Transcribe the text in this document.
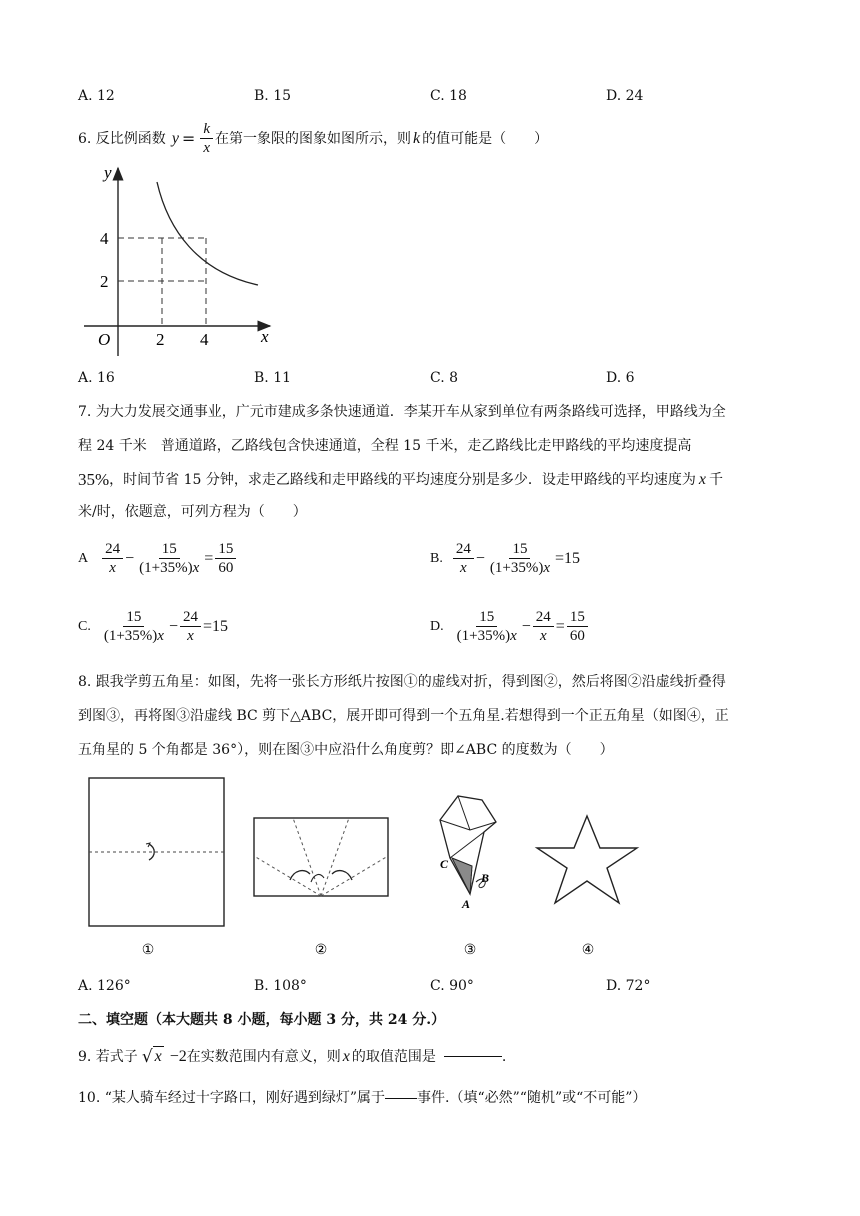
A. 12	B. 15	C. 18	D. 24
6. 反比例函数 $y = \frac{k}{x}$ 在第一象限的图象如图所示，则 k 的值可能是（　　）
y
x
O
4
2
2 4
A. 16	B. 11	C. 8	D. 6
7. 为大力发展交通事业，广元市建成多条快速通道．李某开车从家到单位有两条路线可选择，甲路线为全
程 24 千米　普通道路，乙路线包含快速通道，全程 15 千米，走乙路线比走甲路线的平均速度提高
35% ，时间节省 15 分钟，求走乙路线和走甲路线的平均速度分别是多少．设走甲路线的平均速度为 x 千
米/时，依题意，可列方程为（　　）
A $\frac{24}{x} - \frac{15}{(1+35\%)x} = \frac{15}{60}$	B. $\frac{24}{x} - \frac{15}{(1+35\%)x} = 15$
C. $\frac{15}{(1+35\%)x} - \frac{24}{x} = 15$	D. $\frac{15}{(1+35\%)x} - \frac{24}{x} = \frac{15}{60}$
8. 跟我学剪五角星：如图，先将一张长方形纸片按图①的虚线对折，得到图②，然后将图②沿虚线折叠得
到图③，再将图③沿虚线 BC 剪下△ABC，展开即可得到一个五角星.若想得到一个正五角星（如图④，正
五角星的 5 个角都是 36°），则在图③中应沿什么角度剪？即∠ABC 的度数为（　　）
①	②
C
B
A
③	④
A. 126°	B. 108°	C. 90°	D. 72°
二、填空题（本大题共 8 小题，每小题 3 分，共 24 分.）
9. 若式子 √ x −2 在实数范围内有意义，则 x 的取值范围是	.
10. “某人骑车经过十字路口，刚好遇到绿灯”属于 事件.（填“必然”“随机”或“不可能”）
